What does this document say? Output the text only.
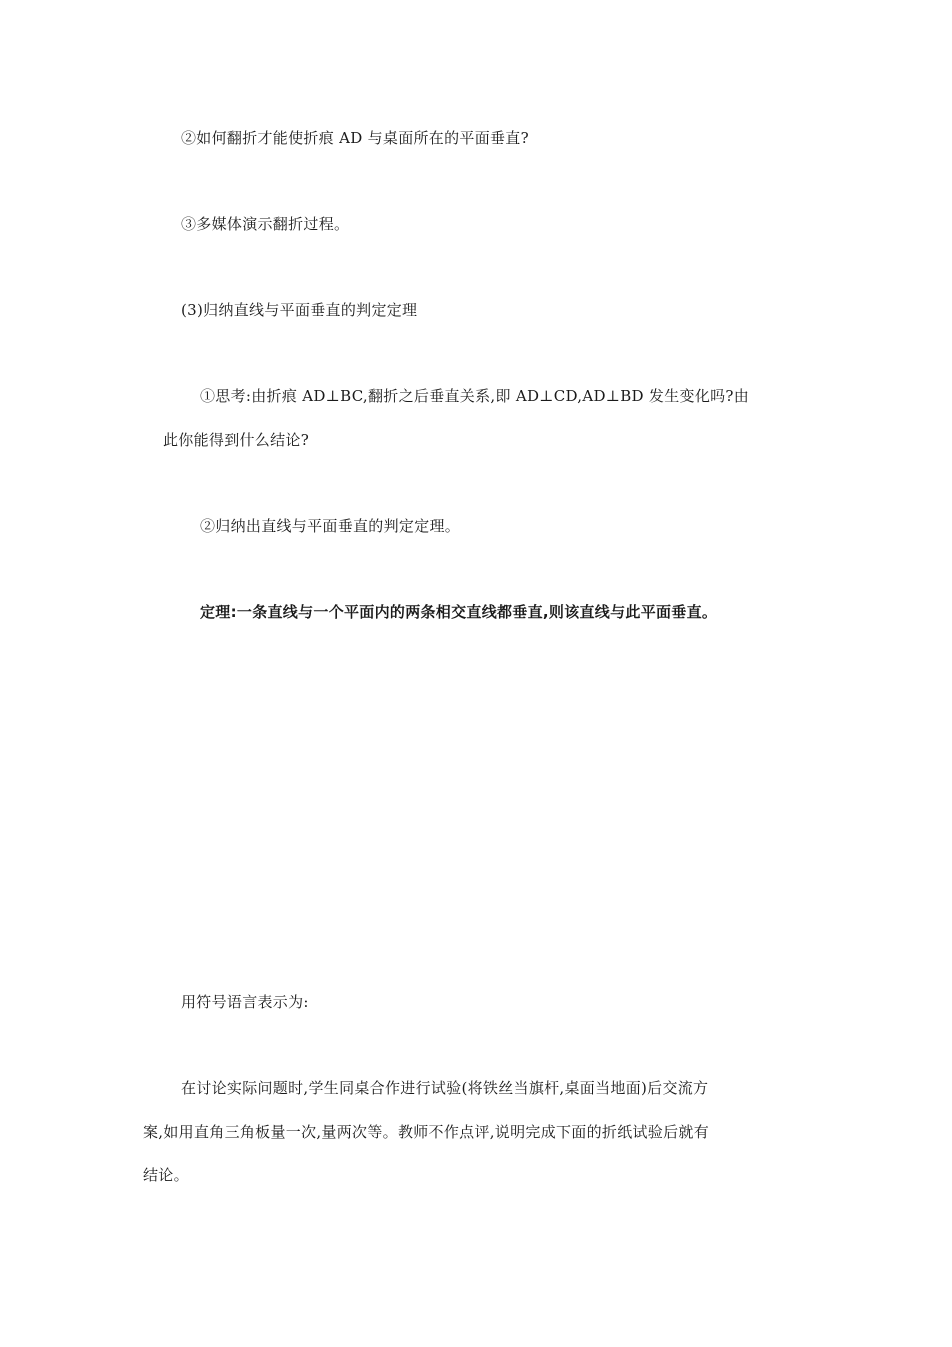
②如何翻折才能使折痕 AD 与桌面所在的平面垂直?
③多媒体演示翻折过程。
(3)归纳直线与平面垂直的判定定理
①思考:由折痕 AD⊥BC,翻折之后垂直关系,即 AD⊥CD,AD⊥BD 发生变化吗?由
此你能得到什么结论?
②归纳出直线与平面垂直的判定定理。
定理:一条直线与一个平面内的两条相交直线都垂直,则该直线与此平面垂直。
用符号语言表示为:
在讨论实际问题时,学生同桌合作进行试验(将铁丝当旗杆,桌面当地面)后交流方
案,如用直角三角板量一次,量两次等。教师不作点评,说明完成下面的折纸试验后就有
结论。
